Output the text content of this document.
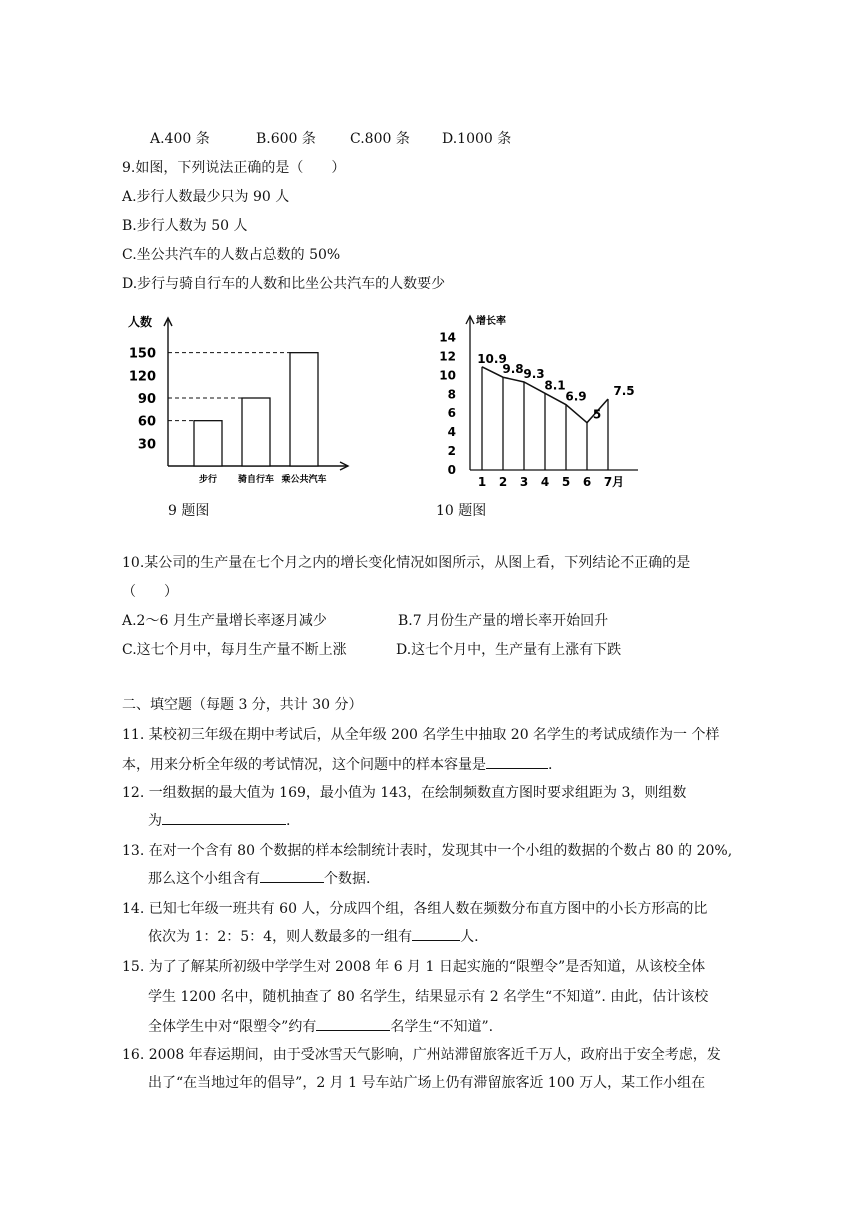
A.400 条	B.600 条 C.800 条 D.1000 条
9.如图，下列说法正确的是（　　）
A.步行人数最少只为 90 人
B.步行人数为 50 人
C.坐公共汽车的人数占总数的 50%
D.步行与骑自行车的人数和比坐公共汽车的人数要少
人数
30
60
90
120
150
步行 骑自行车 乘公共汽车
9 题图
增长率
0
2
4
6
8
10
12
14
10.9
9.8 9.3
8.1
6.9
5
7.5
1 2 3 4 5 6 7月
10 题图
10.某公司的生产量在七个月之内的增长变化情况如图所示，从图上看，下列结论不正确的是
（　　）
A.2～6 月生产量增长率逐月减少	B.7 月份生产量的增长率开始回升
C.这七个月中，每月生产量不断上涨	D.这七个月中，生产量有上涨有下跌
二、填空题（每题 3 分，共计 30 分）
11. 某校初三年级在期中考试后，从全年级 200 名学生中抽取 20 名学生的考试成绩作为一 个样
本，用来分析全年级的考试情况，这个问题中的样本容量是	.
12. 一组数据的最大值为 169，最小值为 143，在绘制频数直方图时要求组距为 3，则组数
为	.
13. 在对一个含有 80 个数据的样本绘制统计表时，发现其中一个小组的数据的个数占 80 的 20%,
那么这个小组含有	个数据.
14. 已知七年级一班共有 60 人，分成四个组，各组人数在频数分布直方图中的小长方形高的比
依次为 1：2：5：4，则人数最多的一组有	人.
15. 为了了解某所初级中学学生对 2008 年 6 月 1 日起实施的“限塑令”是否知道，从该校全体
学生 1200 名中，随机抽查了 80 名学生，结果显示有 2 名学生“不知道”. 由此，估计该校
全体学生中对“限塑令”约有	名学生“不知道”.
16. 2008 年春运期间，由于受冰雪天气影响，广州站滞留旅客近千万人，政府出于安全考虑，发
出了“在当地过年的倡导”，2 月 1 号车站广场上仍有滞留旅客近 100 万人，某工作小组在
